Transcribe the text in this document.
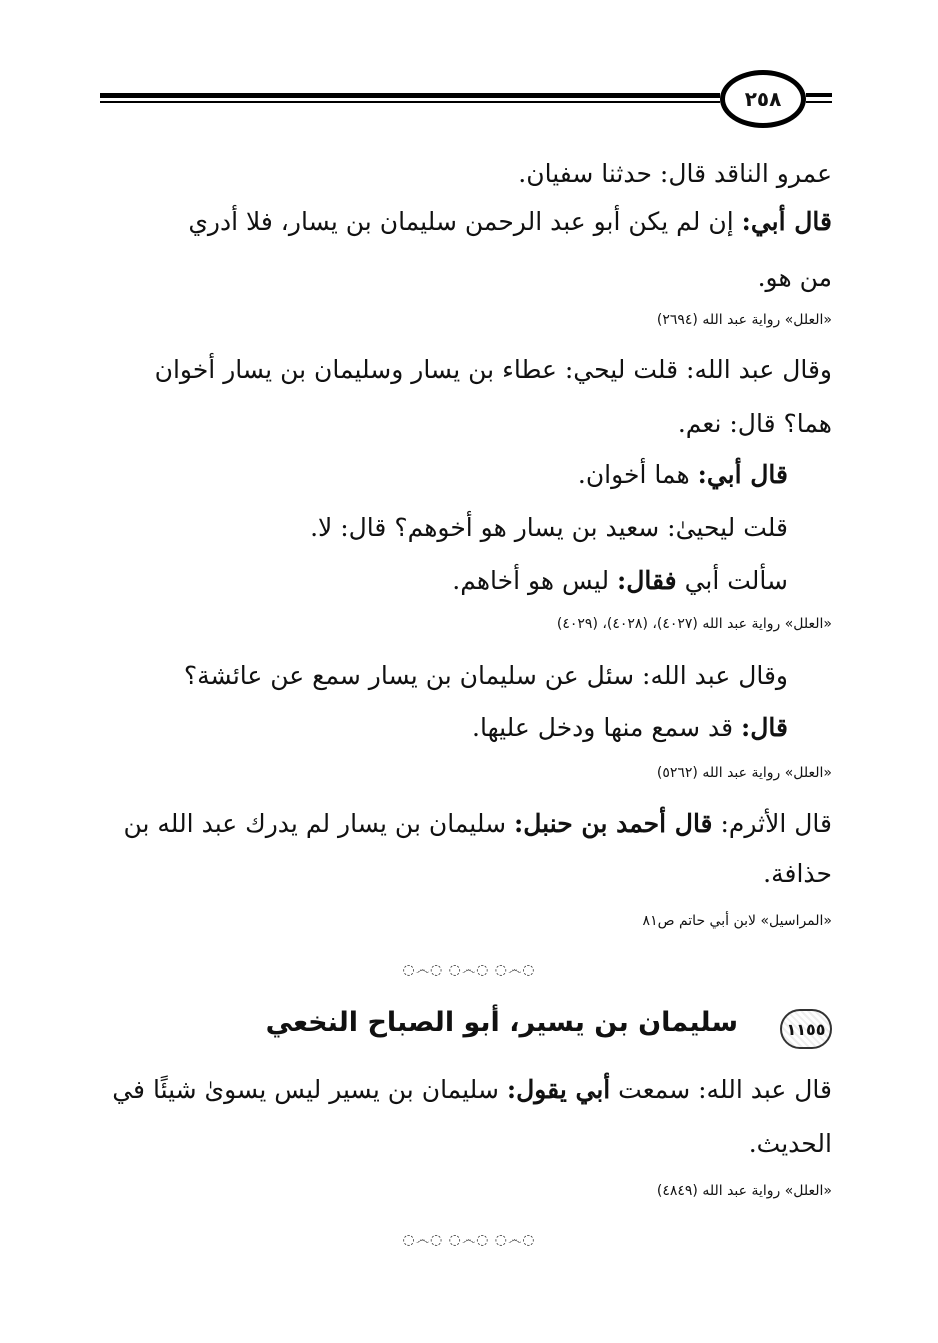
٢٥٨
عمرو الناقد قال: حدثنا سفيان.
قال أبي: إن لم يكن أبو عبد الرحمن سليمان بن يسار، فلا أدري
من هو.
«العلل» رواية عبد الله (٢٦٩٤)
وقال عبد الله: قلت ليحي: عطاء بن يسار وسليمان بن يسار أخوان
هما؟ قال: نعم.
قال أبي: هما أخوان.
قلت ليحيىٰ: سعيد بن يسار هو أخوهم؟ قال: لا.
سألت أبي فقال: ليس هو أخاهم.
«العلل» رواية عبد الله (٤٠٢٧)، (٤٠٢٨)، (٤٠٢٩)
وقال عبد الله: سئل عن سليمان بن يسار سمع عن عائشة؟
قال: قد سمع منها ودخل عليها.
«العلل» رواية عبد الله (٥٢٦٢)
قال الأثرم: قال أحمد بن حنبل: سليمان بن يسار لم يدرك عبد الله بن
حذافة.
«المراسيل» لابن أبي حاتم ص٨١
◌෴◌ ◌෴◌ ◌෴◌
١١٥٥
سليمان بن يسير، أبو الصباح النخعي
قال عبد الله: سمعت أبي يقول: سليمان بن يسير ليس يسوىٰ شيئًا في
الحديث.
«العلل» رواية عبد الله (٤٨٤٩)
◌෴◌ ◌෴◌ ◌෴◌
